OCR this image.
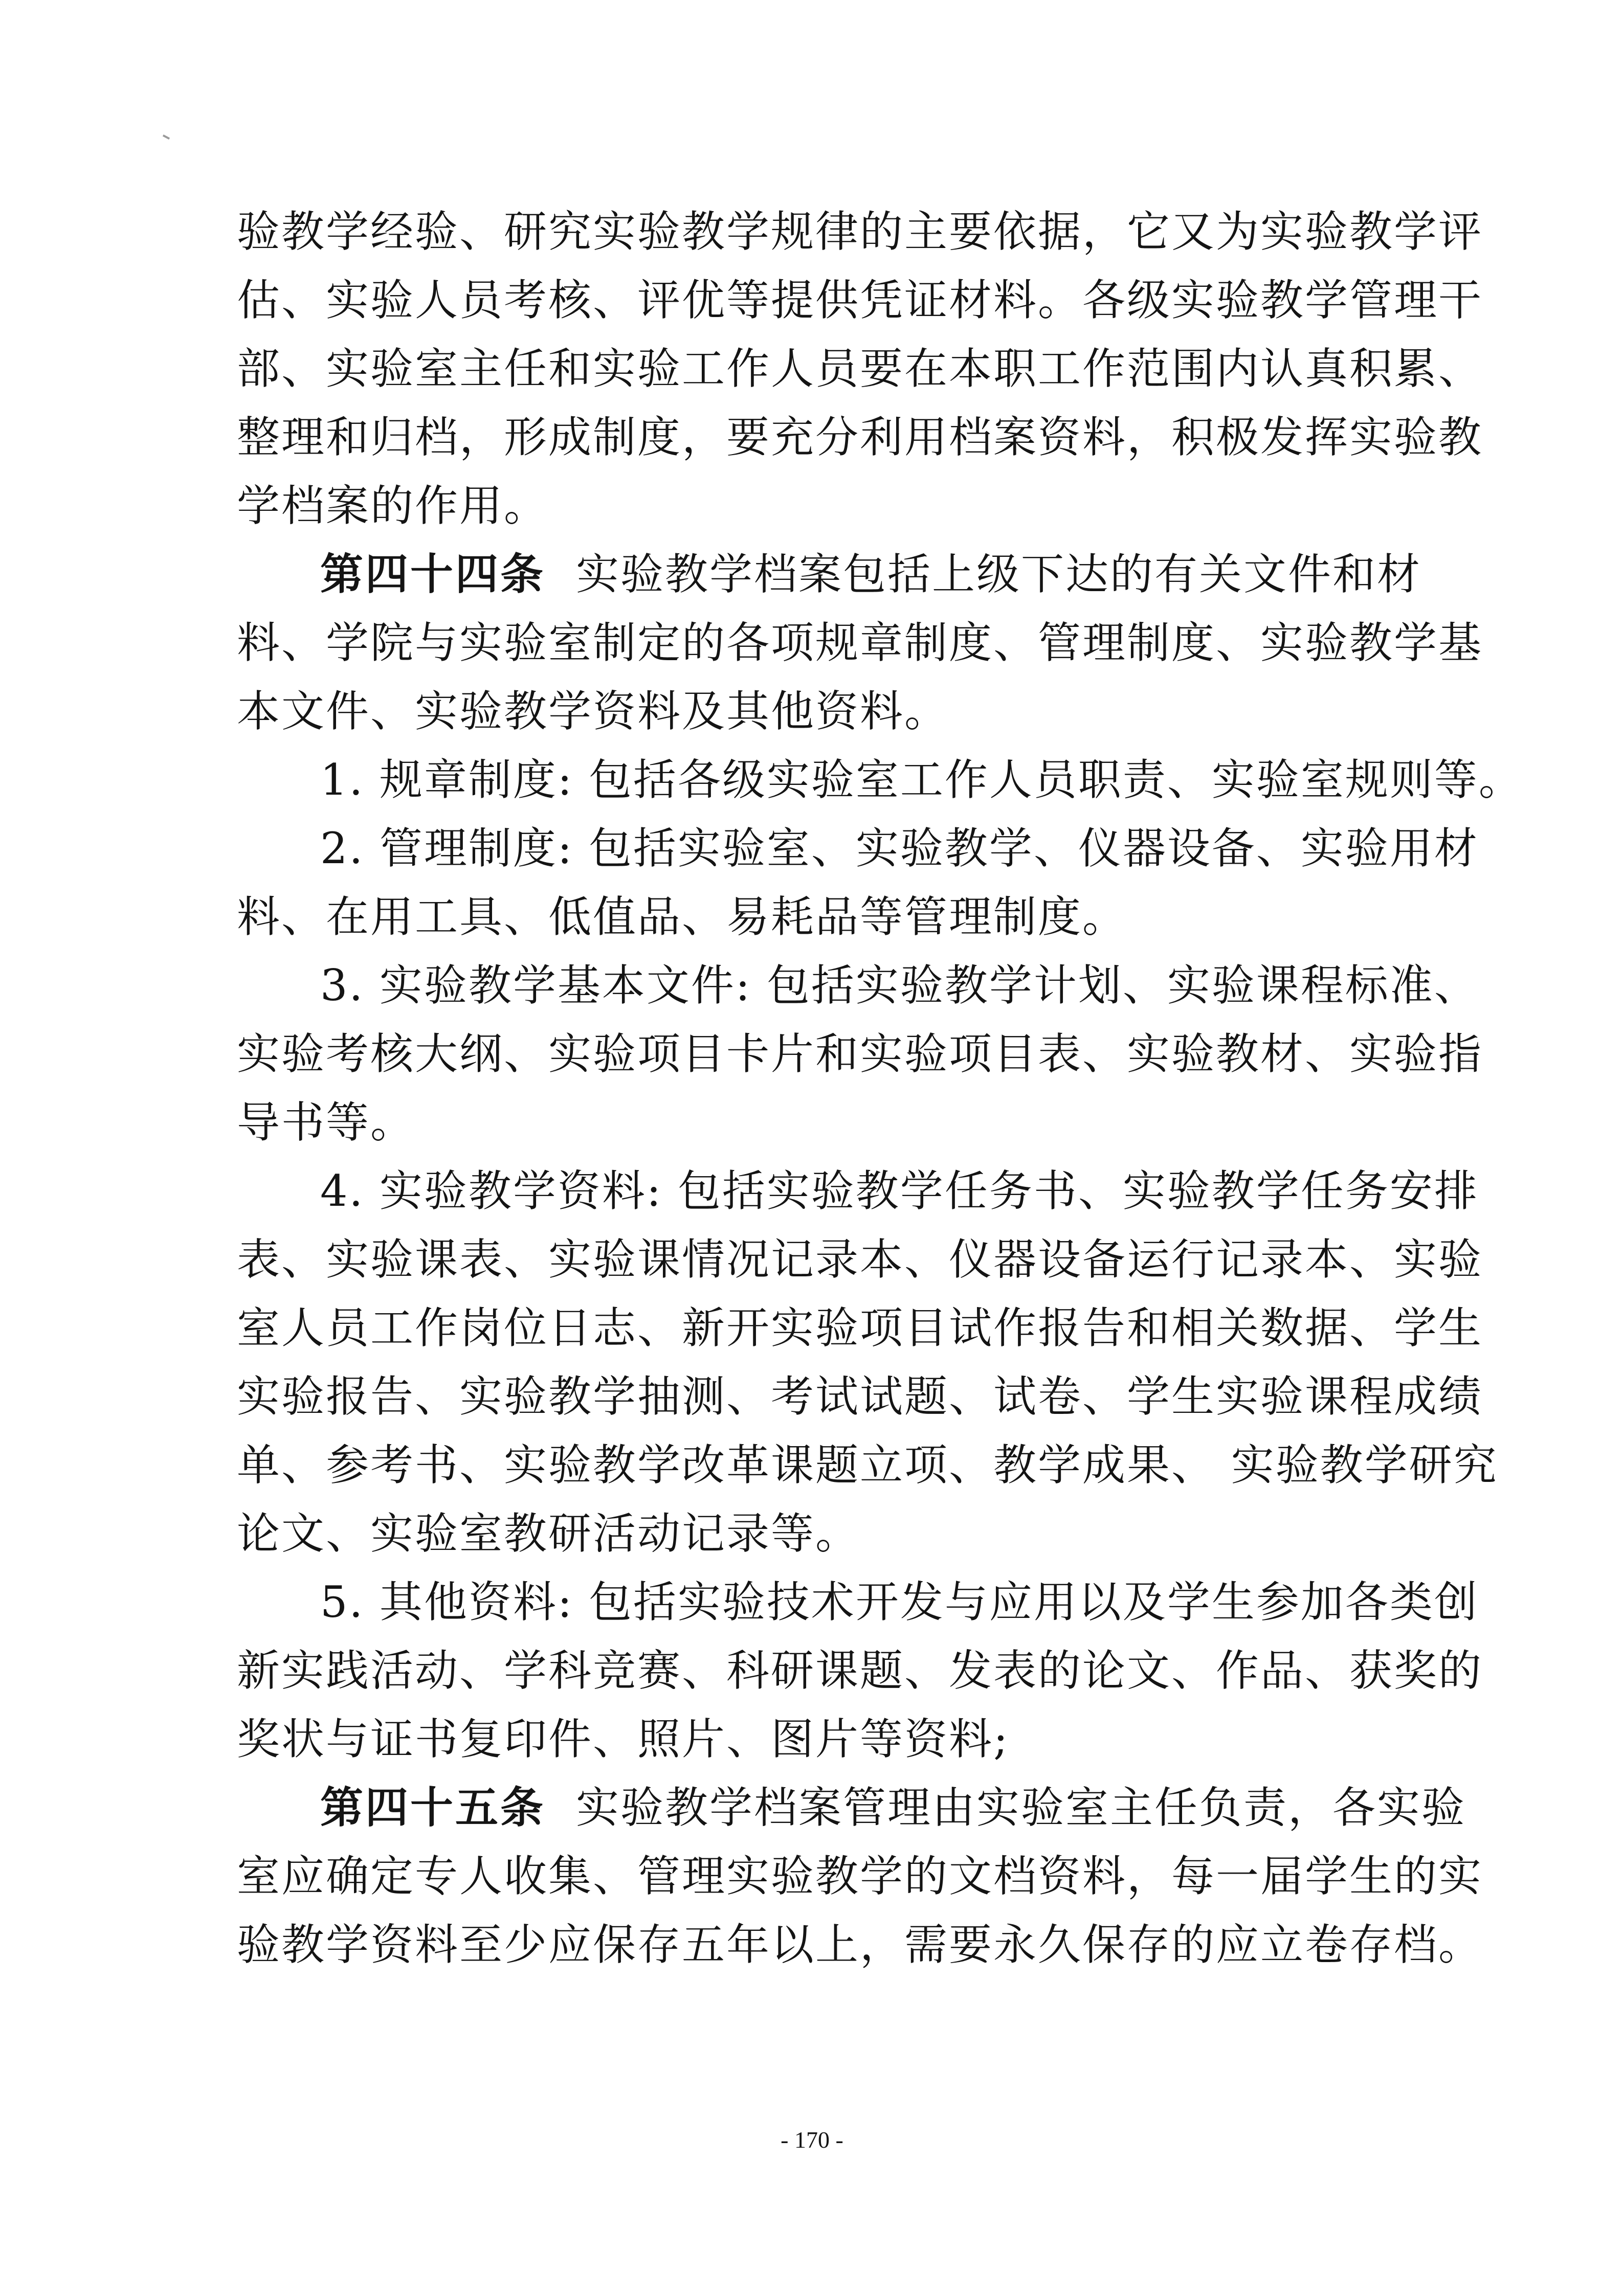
验教学经验、研究实验教学规律的主要依据，它又为实验教学评
估、实验人员考核、评优等提供凭证材料。各级实验教学管理干
部、实验室主任和实验工作人员要在本职工作范围内认真积累、
整理和归档，形成制度，要充分利用档案资料，积极发挥实验教
学档案的作用。
第四十四条 实验教学档案包括上级下达的有关文件和材
料、学院与实验室制定的各项规章制度、管理制度、实验教学基
本文件、实验教学资料及其他资料。
1. 规章制度: 包括各级实验室工作人员职责、实验室规则等。
2. 管理制度: 包括实验室、实验教学、仪器设备、实验用材
料、在用工具、低值品、易耗品等管理制度。
3. 实验教学基本文件: 包括实验教学计划、实验课程标准、
实验考核大纲、实验项目卡片和实验项目表、实验教材、实验指
导书等。
4. 实验教学资料: 包括实验教学任务书、实验教学任务安排
表、实验课表、实验课情况记录本、仪器设备运行记录本、实验
室人员工作岗位日志、新开实验项目试作报告和相关数据、学生
实验报告、实验教学抽测、考试试题、试卷、学生实验课程成绩
单、参考书、实验教学改革课题立项、教学成果、 实验教学研究
论文、实验室教研活动记录等。
5. 其他资料: 包括实验技术开发与应用以及学生参加各类创
新实践活动、学科竞赛、科研课题、发表的论文、作品、获奖的
奖状与证书复印件、照片、图片等资料;
第四十五条 实验教学档案管理由实验室主任负责，各实验
室应确定专人收集、管理实验教学的文档资料，每一届学生的实
验教学资料至少应保存五年以上，需要永久保存的应立卷存档。
- 170 -
